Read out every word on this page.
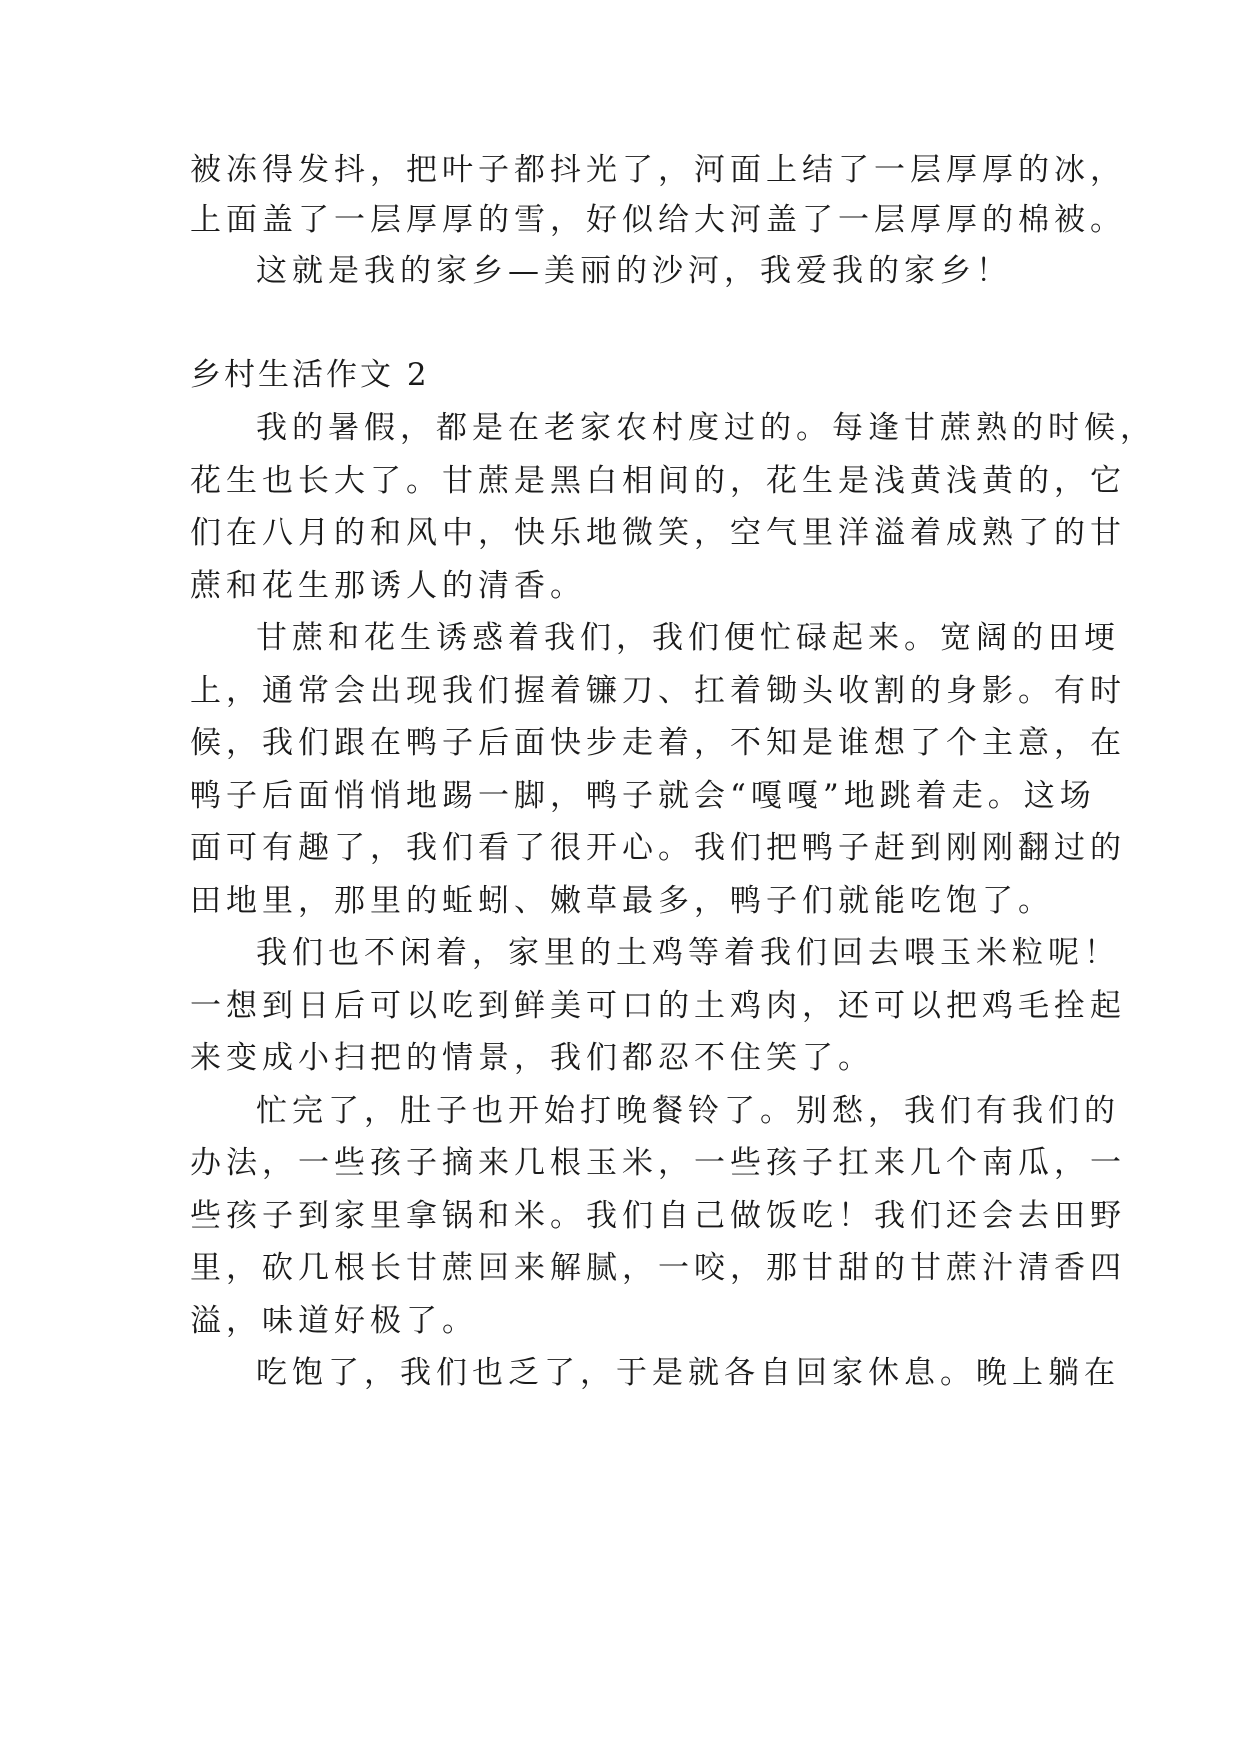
被冻得发抖，把叶子都抖光了，河面上结了一层厚厚的冰，
上面盖了一层厚厚的雪，好似给大河盖了一层厚厚的棉被。
这就是我的家乡—美丽的沙河，我爱我的家乡！
乡村生活作文 2
我的暑假，都是在老家农村度过的。每逢甘蔗熟的时候，
花生也长大了。甘蔗是黑白相间的，花生是浅黄浅黄的，它
们在八月的和风中，快乐地微笑，空气里洋溢着成熟了的甘
蔗和花生那诱人的清香。
甘蔗和花生诱惑着我们，我们便忙碌起来。宽阔的田埂
上，通常会出现我们握着镰刀、扛着锄头收割的身影。有时
候，我们跟在鸭子后面快步走着，不知是谁想了个主意，在
鸭子后面悄悄地踢一脚，鸭子就会“嘎嘎”地跳着走。这场
面可有趣了，我们看了很开心。我们把鸭子赶到刚刚翻过的
田地里，那里的蚯蚓、嫩草最多，鸭子们就能吃饱了。
我们也不闲着，家里的土鸡等着我们回去喂玉米粒呢！
一想到日后可以吃到鲜美可口的土鸡肉，还可以把鸡毛拴起
来变成小扫把的情景，我们都忍不住笑了。
忙完了，肚子也开始打晚餐铃了。别愁，我们有我们的
办法，一些孩子摘来几根玉米，一些孩子扛来几个南瓜，一
些孩子到家里拿锅和米。我们自己做饭吃！我们还会去田野
里，砍几根长甘蔗回来解腻，一咬，那甘甜的甘蔗汁清香四
溢，味道好极了。
吃饱了，我们也乏了，于是就各自回家休息。晚上躺在
